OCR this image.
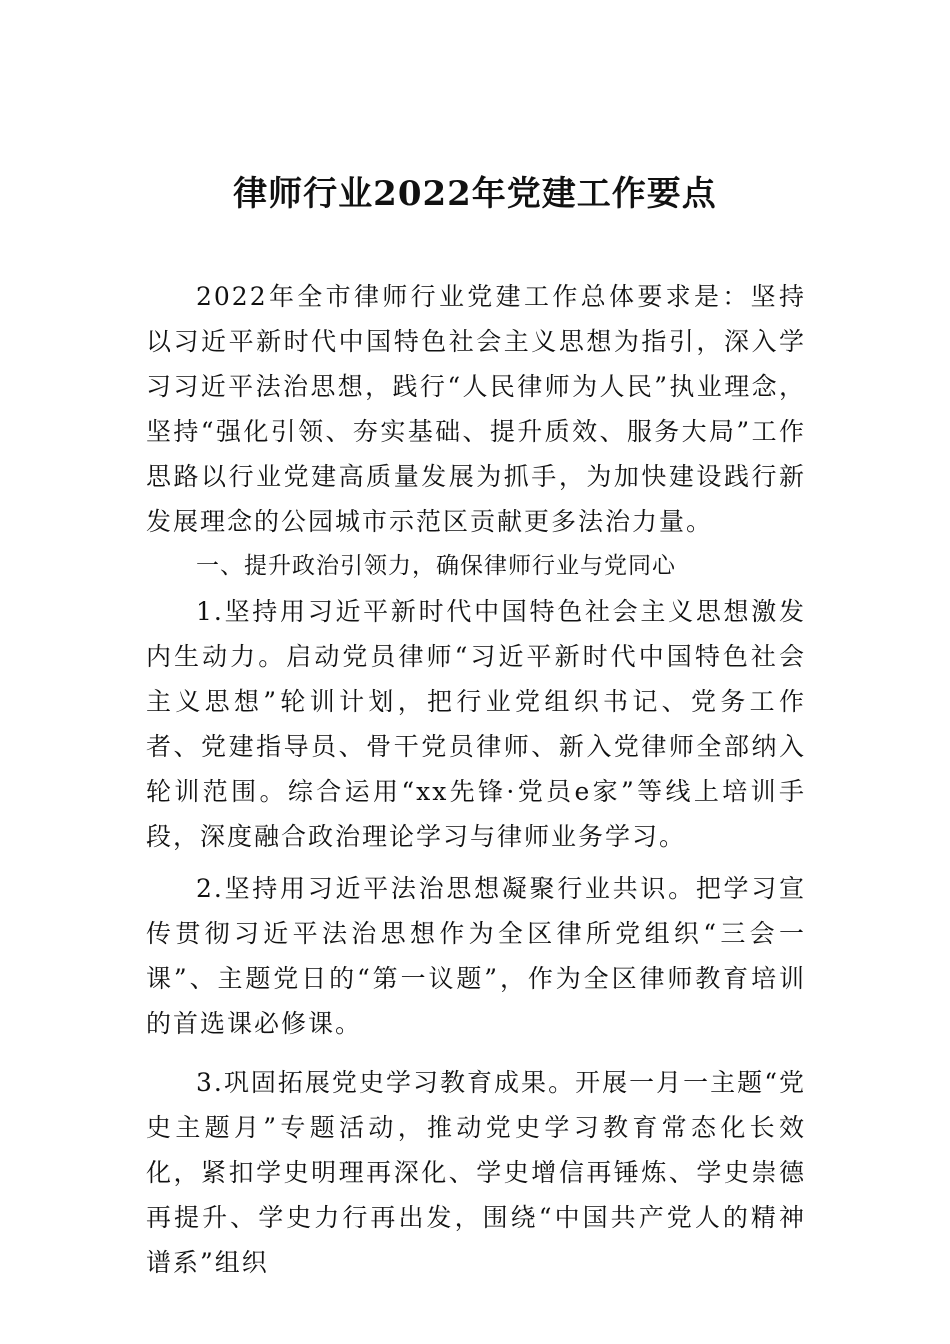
律师行业2022年党建工作要点

2022年全市律师行业党建工作总体要求是：坚持以习近平新时代中国特色社会主义思想为指引，深入学习习近平法治思想，践行“人民律师为人民”执业理念，坚持“强化引领、夯实基础、提升质效、服务大局”工作思路以行业党建高质量发展为抓手，为加快建设践行新发展理念的公园城市示范区贡献更多法治力量。

一、提升政治引领力，确保律师行业与党同心

1.坚持用习近平新时代中国特色社会主义思想激发内生动力。启动党员律师“习近平新时代中国特色社会主义思想”轮训计划，把行业党组织书记、党务工作者、党建指导员、骨干党员律师、新入党律师全部纳入轮训范围。综合运用“xx先锋·党员e家”等线上培训手段，深度融合政治理论学习与律师业务学习。

2.坚持用习近平法治思想凝聚行业共识。把学习宣传贯彻习近平法治思想作为全区律所党组织“三会一课”、主题党日的“第一议题”，作为全区律师教育培训的首选课必修课。

3.巩固拓展党史学习教育成果。开展一月一主题“党史主题月”专题活动，推动党史学习教育常态化长效化，紧扣学史明理再深化、学史增信再锤炼、学史崇德再提升、学史力行再出发，围绕“中国共产党人的精神谱系”组织
